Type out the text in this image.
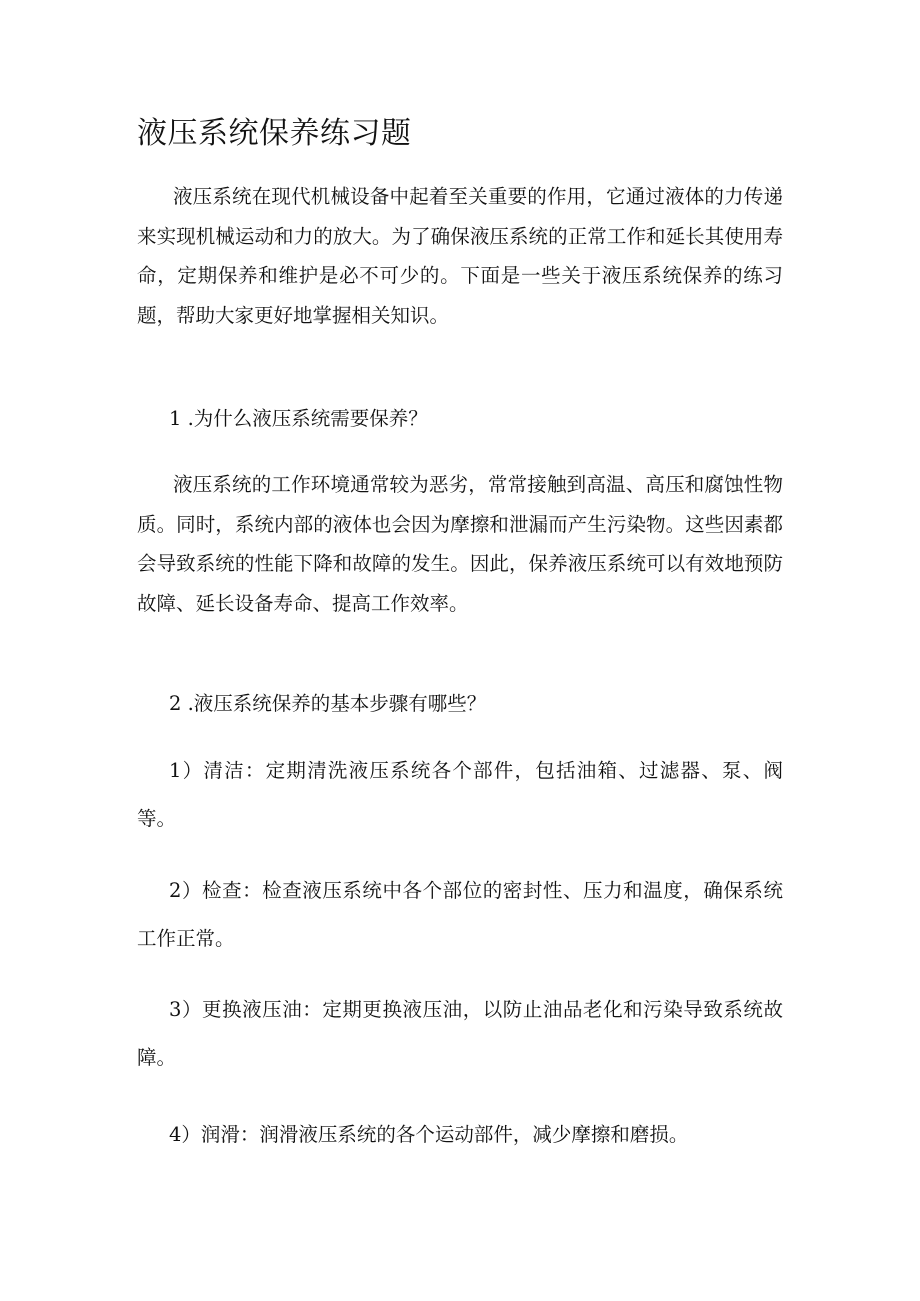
液压系统保养练习题

液压系统在现代机械设备中起着至关重要的作用，它通过液体的力传递来实现机械运动和力的放大。为了确保液压系统的正常工作和延长其使用寿命，定期保养和维护是必不可少的。下面是一些关于液压系统保养的练习题，帮助大家更好地掌握相关知识。

1 .为什么液压系统需要保养？

液压系统的工作环境通常较为恶劣，常常接触到高温、高压和腐蚀性物质。同时，系统内部的液体也会因为摩擦和泄漏而产生污染物。这些因素都会导致系统的性能下降和故障的发生。因此，保养液压系统可以有效地预防故障、延长设备寿命、提高工作效率。

2 .液压系统保养的基本步骤有哪些？

1）清洁：定期清洗液压系统各个部件，包括油箱、过滤器、泵、阀等。

2）检查：检查液压系统中各个部位的密封性、压力和温度，确保系统工作正常。

3）更换液压油：定期更换液压油，以防止油品老化和污染导致系统故障。

4）润滑：润滑液压系统的各个运动部件，减少摩擦和磨损。
